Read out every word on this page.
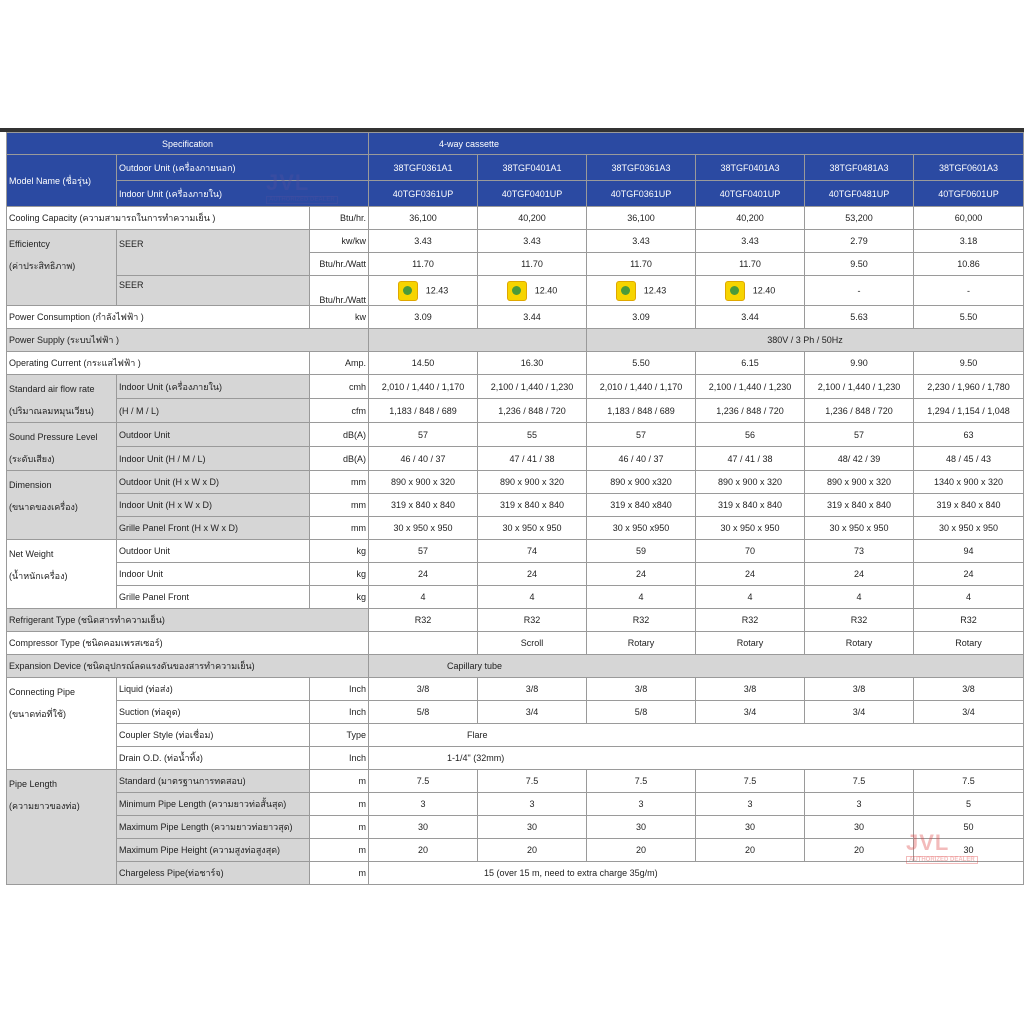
Specification			4-way cassette					
Model Name (ชื่อรุ่น)	Outdoor Unit (เครื่องภายนอก)		38TGF0361A1	38TGF0401A1	38TGF0361A3	38TGF0401A3	38TGF0481A3	38TGF0601A3
	Indoor Unit (เครื่องภายใน)		40TGF0361UP	40TGF0401UP	40TGF0361UP	40TGF0401UP	40TGF0481UP	40TGF0601UP
Cooling Capacity (ความสามารถในการทำความเย็น )		Btu/hr.	36,100	40,200	36,100	40,200	53,200	60,000

Efficientcy
(ค่าประสิทธิภาพ)	SEER	kw/kw	3.43	3.43	3.43	3.43	2.79	3.18
		Btu/hr./Watt	11.70	11.70	11.70	11.70	9.50	10.86
	SEER	Btu/hr./Watt	12.43	12.40	12.43	12.40	-	-
Power Consumption (กำลังไฟฟ้า )		kw	3.09	3.44	3.09	3.44	5.63	5.50
Power Supply (ระบบไฟฟ้า )					380V / 3 Ph / 50Hz			
Operating Current (กระแสไฟฟ้า )		Amp.	14.50	16.30	5.50	6.15	9.90	9.50

Standard air flow rate
(ปริมาณลมหมุนเวียน)	Indoor Unit (เครื่องภายใน)	cmh	2,010 / 1,440 / 1,170	2,100 / 1,440 / 1,230	2,010 / 1,440 / 1,170	2,100 / 1,440 / 1,230	2,100 / 1,440 / 1,230	2,230 / 1,960 / 1,780
	(H / M / L)	cfm	1,183 / 848 / 689	1,236 / 848 / 720	1,183 / 848 / 689	1,236 / 848 / 720	1,236 / 848 / 720	1,294 / 1,154 / 1,048

Sound Pressure Level
(ระดับเสียง)	Outdoor Unit	dB(A)	57	55	57	56	57	63
	Indoor Unit (H / M / L)	dB(A)	46 / 40 / 37	47 / 41 / 38	46 / 40 / 37	47 / 41 / 38	48/ 42 / 39	48 / 45 / 43

Dimension
(ขนาดของเครื่อง)	Outdoor Unit (H x W x D)	mm	890 x 900 x 320	890 x 900 x 320	890 x 900 x320	890 x 900 x 320	890 x 900 x 320	1340 x 900 x 320
	Indoor Unit (H x W x D)	mm	319 x 840 x 840	319 x 840 x 840	319 x 840 x840	319 x 840 x 840	319 x 840 x 840	319 x 840 x 840
	Grille Panel Front (H x W x D)	mm	30 x 950 x 950	30 x 950 x 950	30 x 950 x950	30 x 950 x 950	30 x 950 x 950	30 x 950 x 950

Net Weight
(น้ำหนักเครื่อง)	Outdoor Unit	kg	57	74	59	70	73	94
	Indoor Unit	kg	24	24	24	24	24	24
	Grille Panel Front	kg	4	4	4	4	4	4
Refrigerant Type (ชนิดสารทำความเย็น)			R32	R32	R32	R32	R32	R32
Compressor Type (ชนิดคอมเพรสเซอร์)				Scroll	Rotary	Rotary	Rotary	Rotary
Expansion Device (ชนิดอุปกรณ์ลดแรงดันของสารทำความเย็น)			Capillary tube					

Connecting Pipe
(ขนาดท่อที่ใช้)	Liquid (ท่อส่ง)	Inch	3/8	3/8	3/8	3/8	3/8	3/8
	Suction (ท่อดูด)	Inch	5/8	3/4	5/8	3/4	3/4	3/4
	Coupler Style (ท่อเชื่อม)	Type	Flare					
	Drain O.D. (ท่อน้ำทิ้ง)	Inch	1-1/4" (32mm)					

Pipe Length
(ความยาวของท่อ)	Standard (มาตรฐานการทดสอบ)	m	7.5	7.5	7.5	7.5	7.5	7.5
	Minimum Pipe Length (ความยาวท่อสั้นสุด)	m	3	3	3	3	3	5
	Maximum Pipe Length (ความยาวท่อยาวสุด)	m	30	30	30	30	30	50
	Maximum Pipe Height (ความสูงท่อสูงสุด)	m	20	20	20	20	20	30
	Chargeless Pipe(ท่อชาร์จ)	m	15 (over 15 m, need to extra charge 35g/m)					
JVL
AUTHORIZED DEALER
JVL
AUTHORIZED DEALER
